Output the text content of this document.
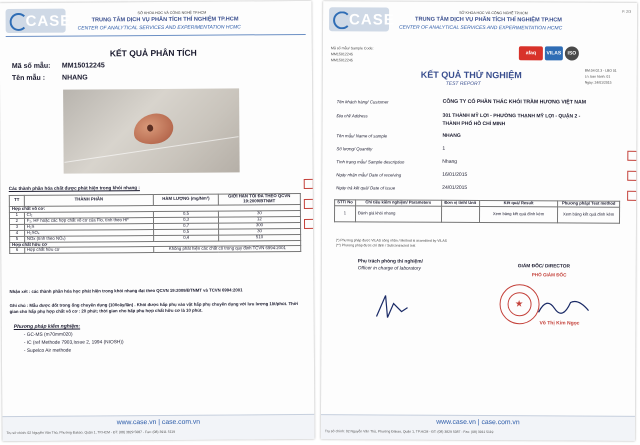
CASE	SỞ KHOA HỌC VÀ CÔNG NGHỆ TP.HCM
TRUNG TÂM DỊCH VỤ PHÂN TÍCH THÍ NGHIỆM TP.HCM
CENTER OF ANALYTICAL SERVICES AND EXPERIMENTATION HCMC
KẾT QUẢ PHÂN TÍCH
Mã số mẫu: MM15012245
Tên mẫu : NHANG
Các thành phần hóa chất được phát hiện trong khói nhang :
TT	THÀNH PHẦN	HÀM LƯỢNG (mg/Nm³)	GIỚI HẠN TỐI ĐA THEO QCVN 19:2009/BTNMT
Hợp chất vô cơ:			
1	Cl₂	0,5	30
2	F₂, HF hoặc các hợp chất vô cơ của Flo, tính theo HF	0,3	12
3	H₂S	0,7	300
4	H₂SO₄	0,5	30
5	NOx (tính theo NO₂)	0,4	510
Hợp chất hữu cơ			
6	Hợp chất hữu cơ	Không phát hiện các chất có trong quy định TCVN 6994:2001	
Nhận xét : các thành phần hóa học phát hiện trong khói nhang đạt theo QCVN 19:2009/BTNMT và TCVN 6994:2001
Ghi chú : Mẫu được đốt trong ống chuyên dụng (100cây/lần) . Khói được hấp phụ vào vật hấp phụ chuyên dụng với lưu lượng 1lít/phút. Thời gian cho hấp phụ hợp chất vô cơ : 20 phút; thời gian cho hấp phụ hợp chất hữu cơ là 10 phút.
Phương pháp kiểm nghiệm:
- GC-MS (m70mm020)
- IC (ref Methode 7903,Issue 2, 1994 (NIOSH))
- Supelco Air methode
www.case.vn | case.com.vn
Trụ sở chính: 02 Nguyễn Văn Thủ, Phường Đakao, Quận 1, TP.HCM - ĐT: (08) 3829 5087 - Fax: (08) 3911 5119
CASE	SỞ KHOA HỌC VÀ CÔNG NGHỆ TP.HCM
TRUNG TÂM DỊCH VỤ PHÂN TÍCH THÍ NGHIỆM TP.HCM
CENTER OF ANALYTICAL SERVICES AND EXPERIMENTATION HCMC
P. 2/3
afaq	VILAS	ISO
Mã số mẫu/ Sample Code:
MM15012245
MM15012245
KẾT QUẢ THỬ NGHIỆM
TEST REPORT
BM.04 02.3 - LBO 01
Ln. ban hành: 01
Ngày: 24/01/2015
Tên khách hàng/ Customer	CÔNG TY CỔ PHẦN THÁC KHÓI TRẦM HƯƠNG VIỆT NAM
Địa chỉ/ Address	301 THÀNH MỸ LỢI - PHƯỜNG THẠNH MỸ LỢI - QUẬN 2 -
THÀNH PHỐ HỒ CHÍ MINH
Tên mẫu/ Name of sample	NHANG
Số lượng/ Quantity	1
Tình trạng mẫu/ Sample description	Nhang
Ngày nhận mẫu/ Date of receiving	16/01/2015
Ngày trả kết quả/ Date of issue	24/01/2015
STT/ No	Chỉ tiêu kiểm nghiệm/ Parameters	Đơn vị tính/ Unit	Kết quả/ Result	Phương pháp/ Test method
1	Đánh giá khói nhang		Xem bảng kết quả đính kèm	Xem bảng kết quả đính kèm
(*) Phương pháp được VILAS công nhận / Method is accredited by VILAS
(**) Phương pháp được chỉ định / Subcontracted test
Phụ trách phòng thí nghiệm/
Officer in charge of laboratory	GIÁM ĐỐC/ DIRECTOR
PHÓ GIÁM ĐỐC
★
Võ Thị Kim Ngọc
www.case.vn | case.com.vn
Trụ sở chính: 02 Nguyễn Văn Thủ, Phường Đakao, Quận 1, TP.HCM - ĐT: (08) 3829 5087 - Fax: (08) 3911 5119
